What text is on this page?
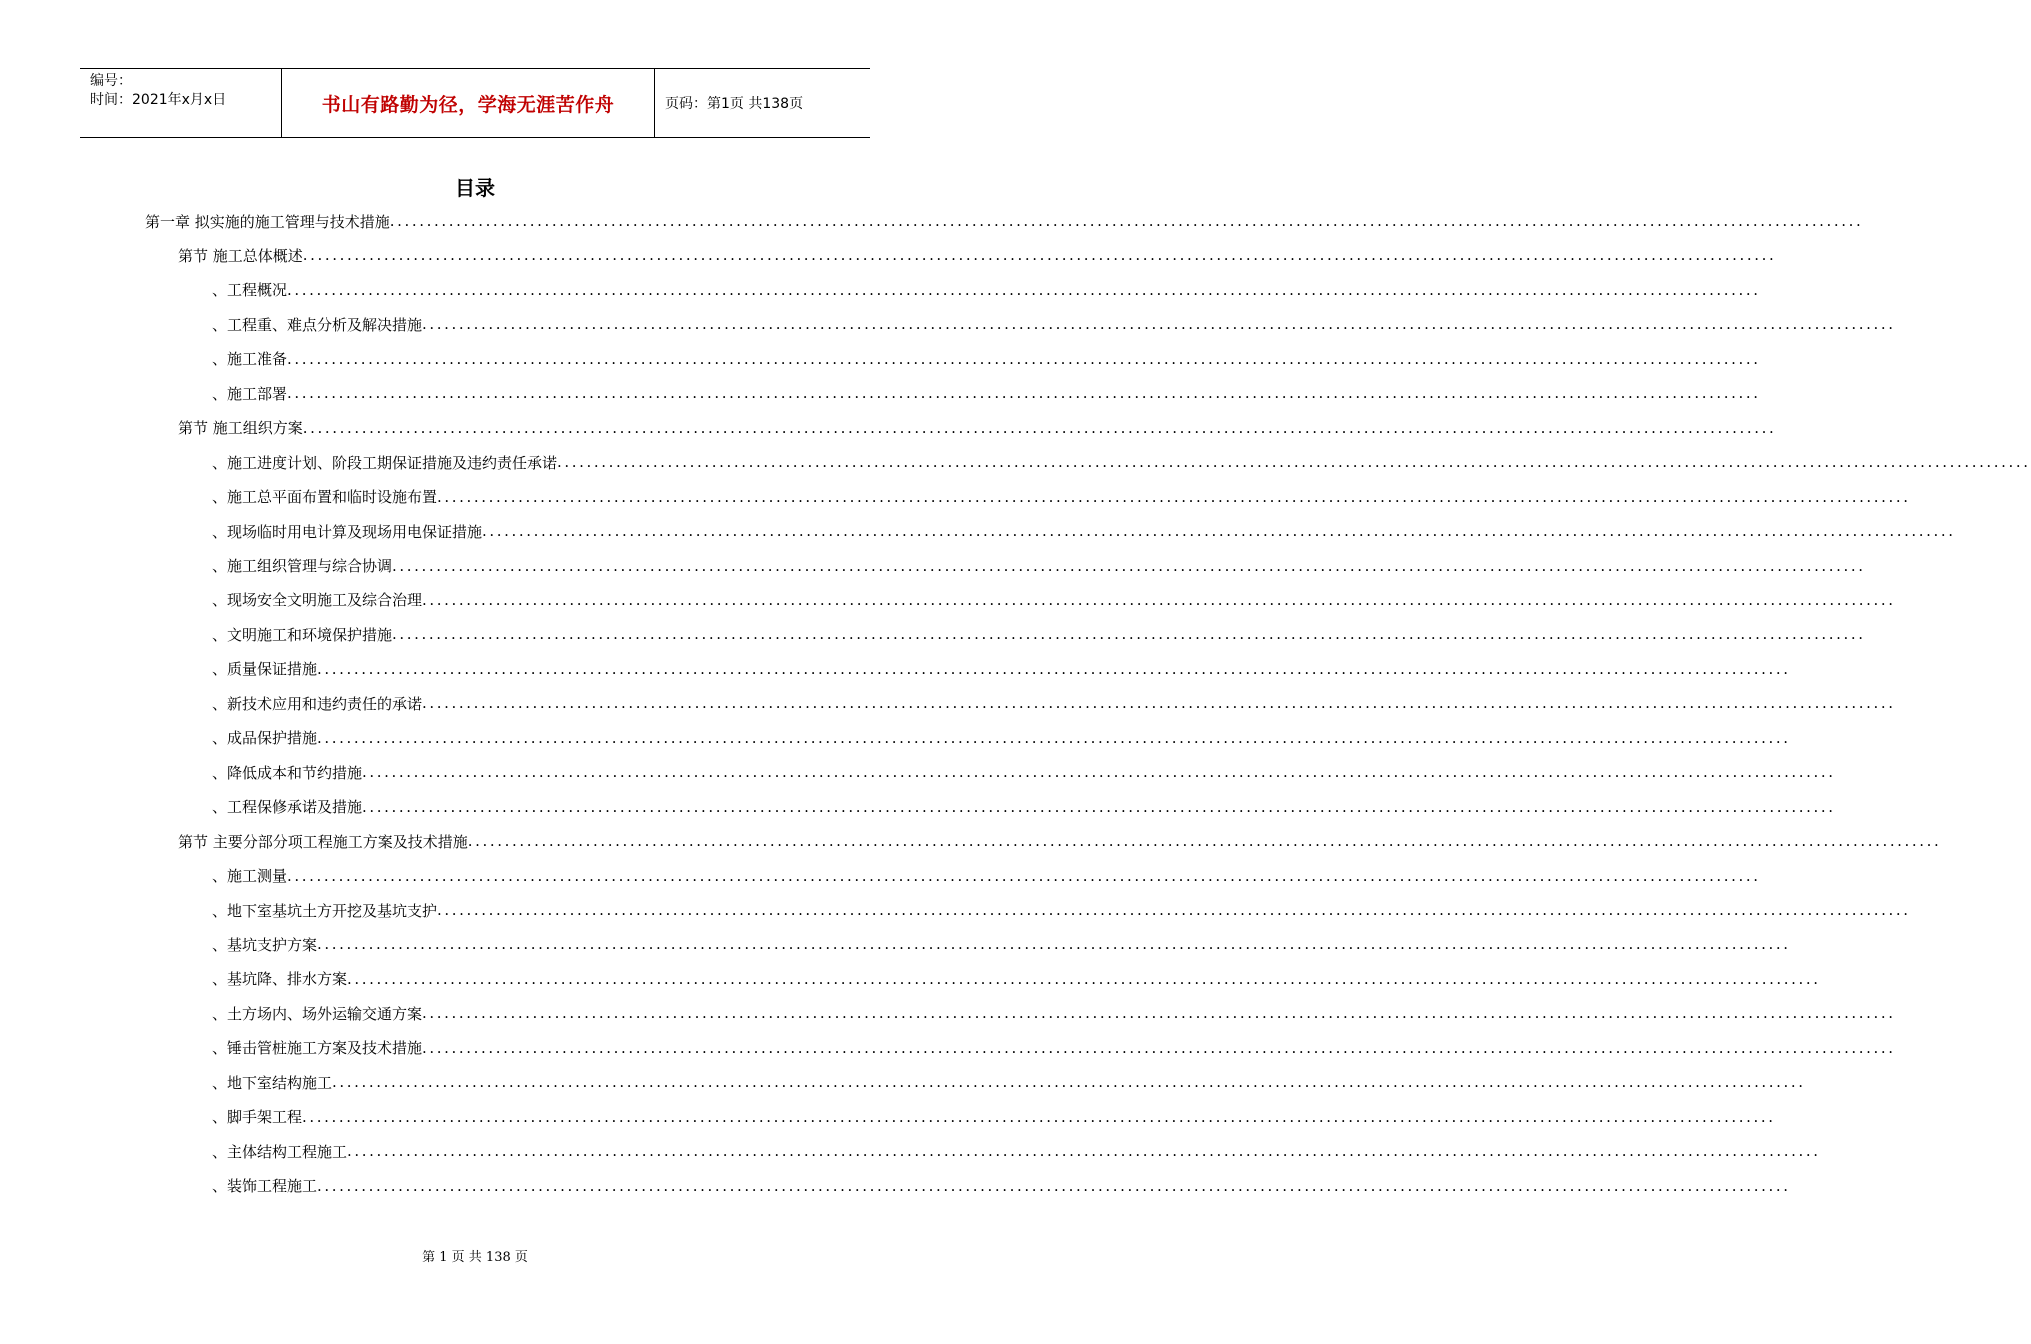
编号：
时间：2021年x月x日	书山有路勤为径，学海无涯苦作舟	页码：第1页 共138页
目录
第一章 拟实施的施工管理与技术措施 ........................................................................................................................................................................................................
第节 施工总体概述 ........................................................................................................................................................................................................
、 工程概况 ........................................................................................................................................................................................................
、 工程重、难点分析及解决措施 ........................................................................................................................................................................................................
、 施工准备 ........................................................................................................................................................................................................
、 施工部署 ........................................................................................................................................................................................................
第节 施工组织方案 ........................................................................................................................................................................................................
、 施工进度计划、阶段工期保证措施及违约责任承诺 ........................................................................................................................................................................................................
、 施工总平面布置和临时设施布置 ........................................................................................................................................................................................................
、 现场临时用电计算及现场用电保证措施 ........................................................................................................................................................................................................
、 施工组织管理与综合协调 ........................................................................................................................................................................................................
、 现场安全文明施工及综合治理 ........................................................................................................................................................................................................
、 文明施工和环境保护措施 ........................................................................................................................................................................................................
、 质量保证措施 ........................................................................................................................................................................................................
、 新技术应用和违约责任的承诺 ........................................................................................................................................................................................................
、 成品保护措施 ........................................................................................................................................................................................................
、 降低成本和节约措施 ........................................................................................................................................................................................................
、 工程保修承诺及措施 ........................................................................................................................................................................................................
第节 主要分部分项工程施工方案及技术措施 ........................................................................................................................................................................................................
、 施工测量 ........................................................................................................................................................................................................
、 地下室基坑土方开挖及基坑支护 ........................................................................................................................................................................................................
、 基坑支护方案 ........................................................................................................................................................................................................
、 基坑降、排水方案 ........................................................................................................................................................................................................
、 土方场内、场外运输交通方案 ........................................................................................................................................................................................................
、 锤击管桩施工方案及技术措施 ........................................................................................................................................................................................................
、 地下室结构施工 ........................................................................................................................................................................................................
、 脚手架工程 ........................................................................................................................................................................................................
、 主体结构工程施工 ........................................................................................................................................................................................................
、 装饰工程施工 ........................................................................................................................................................................................................
第 1 页 共 138 页
